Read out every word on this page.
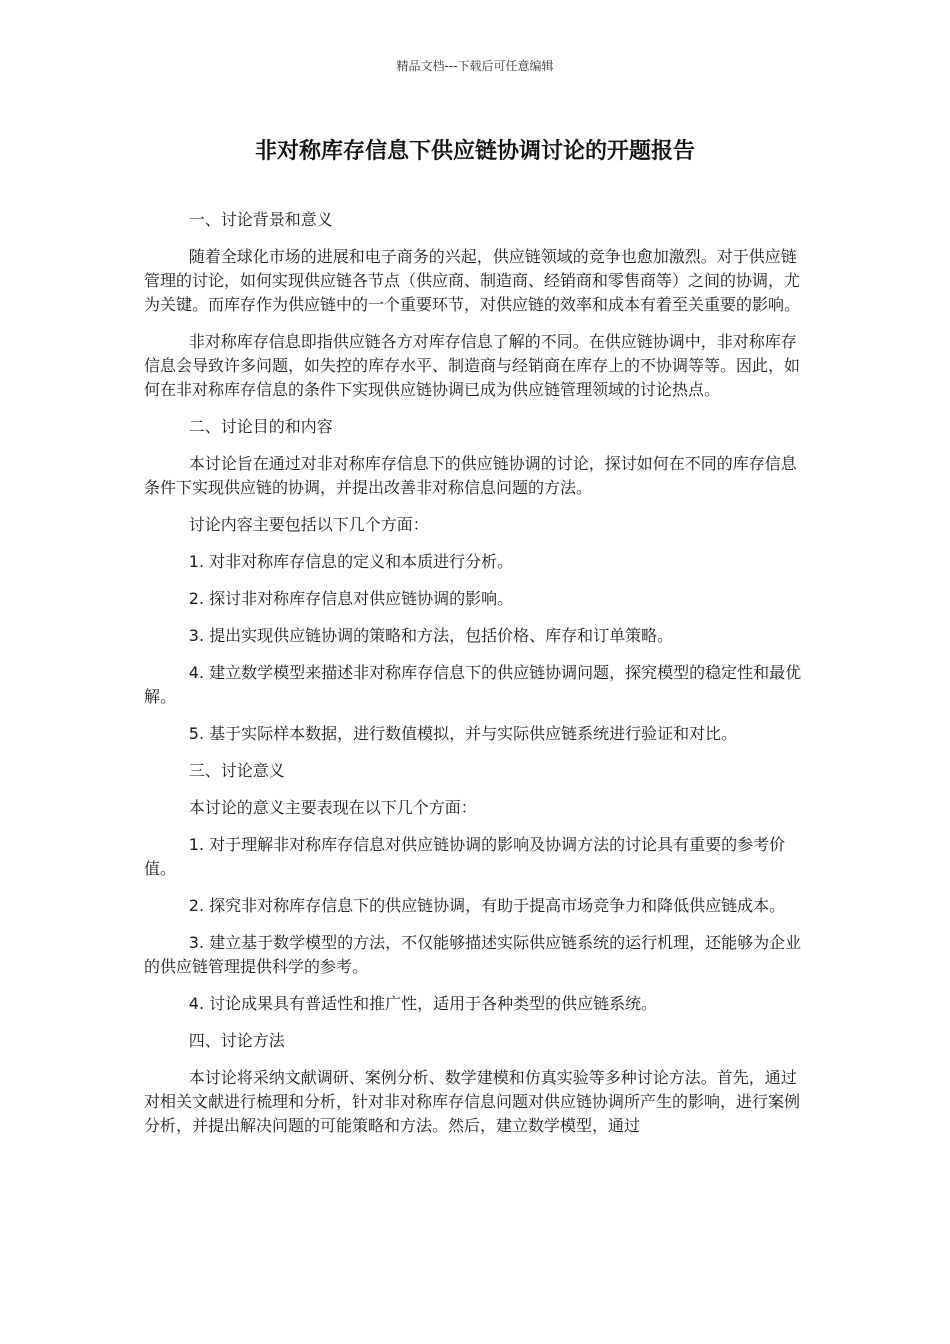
精品文档---下载后可任意编辑
非对称库存信息下供应链协调讨论的开题报告

一、讨论背景和意义

随着全球化市场的进展和电子商务的兴起，供应链领域的竞争也愈加激烈。对于供应链管理的讨论，如何实现供应链各节点（供应商、制造商、经销商和零售商等）之间的协调，尤为关键。而库存作为供应链中的一个重要环节，对供应链的效率和成本有着至关重要的影响。

非对称库存信息即指供应链各方对库存信息了解的不同。在供应链协调中，非对称库存信息会导致许多问题，如失控的库存水平、制造商与经销商在库存上的不协调等等。因此，如何在非对称库存信息的条件下实现供应链协调已成为供应链管理领域的讨论热点。

二、讨论目的和内容

本讨论旨在通过对非对称库存信息下的供应链协调的讨论，探讨如何在不同的库存信息条件下实现供应链的协调，并提出改善非对称信息问题的方法。

讨论内容主要包括以下几个方面：

1. 对非对称库存信息的定义和本质进行分析。

2. 探讨非对称库存信息对供应链协调的影响。

3. 提出实现供应链协调的策略和方法，包括价格、库存和订单策略。

4. 建立数学模型来描述非对称库存信息下的供应链协调问题，探究模型的稳定性和最优解。

5. 基于实际样本数据，进行数值模拟，并与实际供应链系统进行验证和对比。

三、讨论意义

本讨论的意义主要表现在以下几个方面：

1. 对于理解非对称库存信息对供应链协调的影响及协调方法的讨论具有重要的参考价值。

2. 探究非对称库存信息下的供应链协调，有助于提高市场竞争力和降低供应链成本。

3. 建立基于数学模型的方法，不仅能够描述实际供应链系统的运行机理，还能够为企业的供应链管理提供科学的参考。

4. 讨论成果具有普适性和推广性，适用于各种类型的供应链系统。

四、讨论方法

本讨论将采纳文献调研、案例分析、数学建模和仿真实验等多种讨论方法。首先，通过对相关文献进行梳理和分析，针对非对称库存信息问题对供应链协调所产生的影响，进行案例分析，并提出解决问题的可能策略和方法。然后，建立数学模型，通过
